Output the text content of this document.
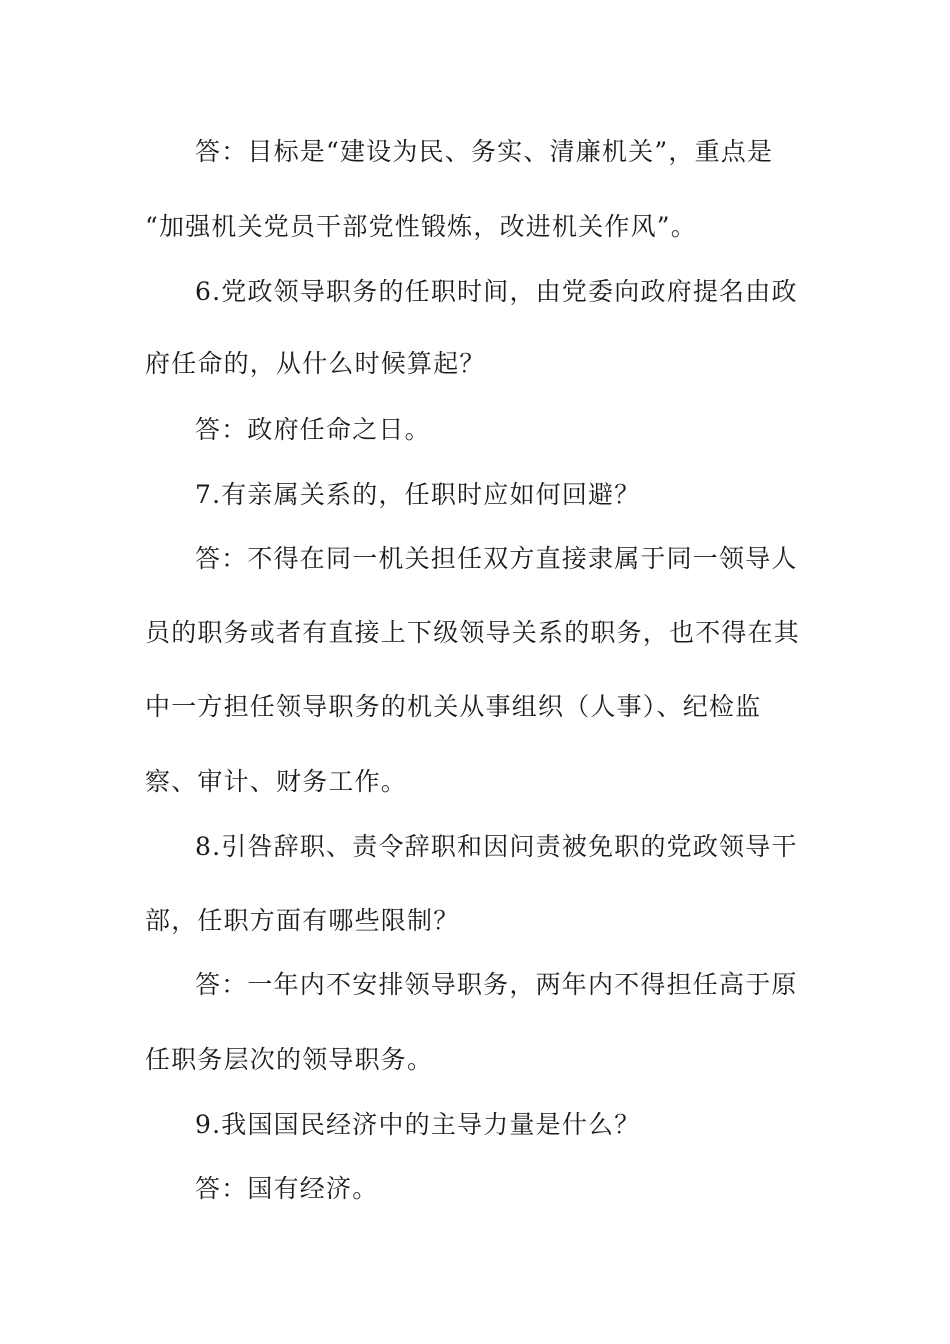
答：目标是“建设为民、务实、清廉机关”，重点是
“加强机关党员干部党性锻炼，改进机关作风”。
6.党政领导职务的任职时间，由党委向政府提名由政
府任命的，从什么时候算起？
答：政府任命之日。
7.有亲属关系的，任职时应如何回避？
答：不得在同一机关担任双方直接隶属于同一领导人
员的职务或者有直接上下级领导关系的职务，也不得在其
中一方担任领导职务的机关从事组织（人事）、纪检监
察、审计、财务工作。
8.引咎辞职、责令辞职和因问责被免职的党政领导干
部，任职方面有哪些限制？
答：一年内不安排领导职务，两年内不得担任高于原
任职务层次的领导职务。
9.我国国民经济中的主导力量是什么？
答：国有经济。
